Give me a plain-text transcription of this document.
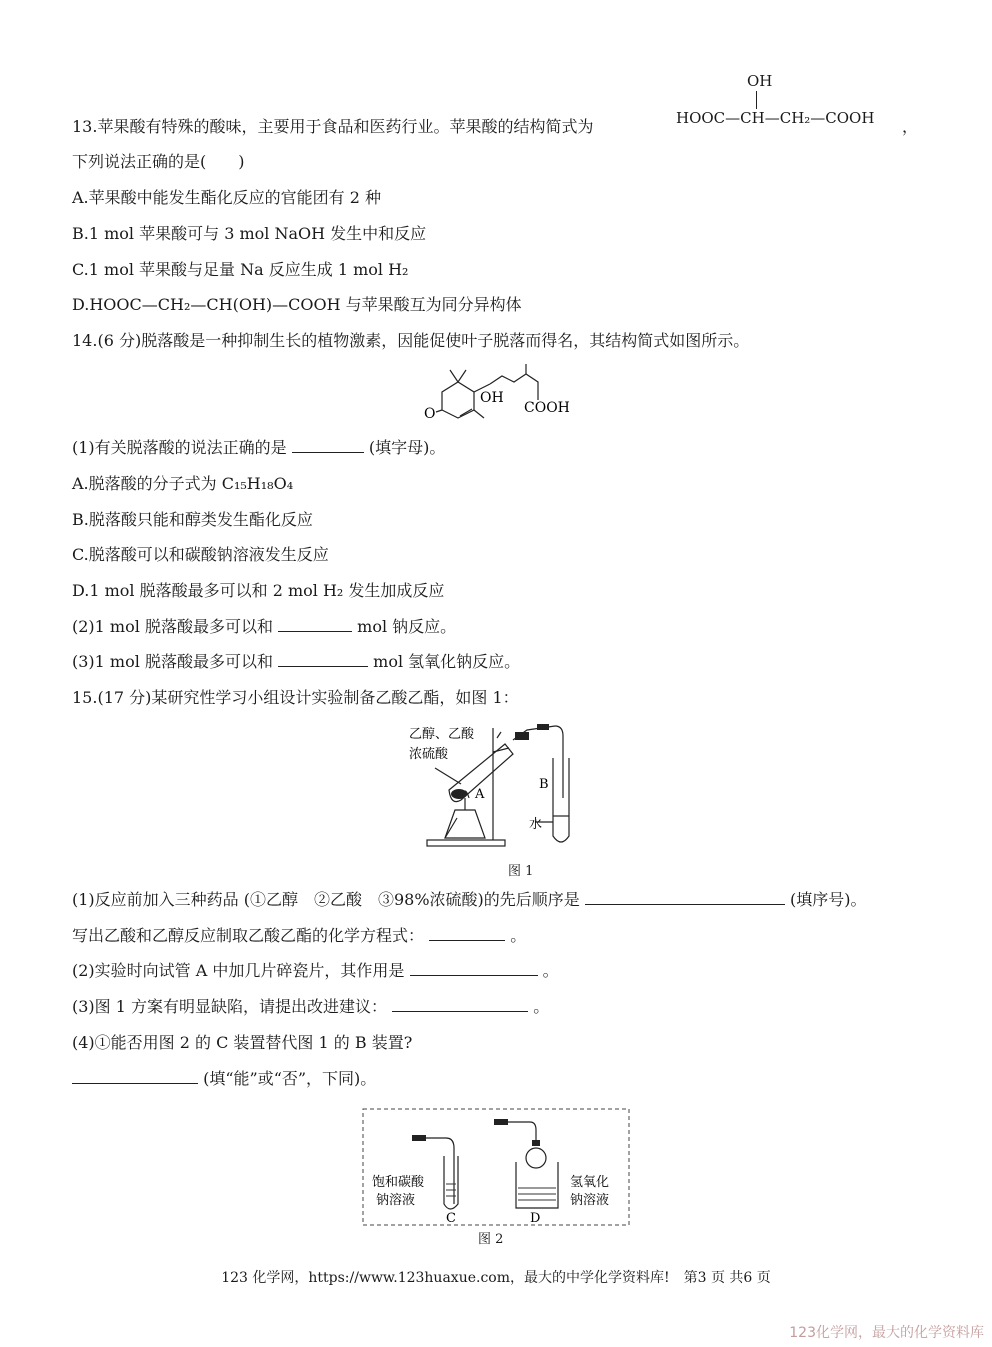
OH
HOOC—CH—CH₂—COOH
13.苹果酸有特殊的酸味，主要用于食品和医药行业。苹果酸的结构简式为	，
下列说法正确的是(　　)
A.苹果酸中能发生酯化反应的官能团有 2 种
B.1 mol 苹果酸可与 3 mol NaOH 发生中和反应
C.1 mol 苹果酸与足量 Na 反应生成 1 mol H₂
D.HOOC—CH₂—CH(OH)—COOH 与苹果酸互为同分异构体
14.(6 分)脱落酸是一种抑制生长的植物激素，因能促使叶子脱落而得名，其结构简式如图所示。
O
OH
COOH
(1)有关脱落酸的说法正确的是	(填字母)。
A.脱落酸的分子式为 C₁₅H₁₈O₄
B.脱落酸只能和醇类发生酯化反应
C.脱落酸可以和碳酸钠溶液发生反应
D.1 mol 脱落酸最多可以和 2 mol H₂ 发生加成反应
(2)1 mol 脱落酸最多可以和	mol 钠反应。
(3)1 mol 脱落酸最多可以和	mol 氢氧化钠反应。
15.(17 分)某研究性学习小组设计实验制备乙酸乙酯，如图 1：
乙醇、乙酸
浓硫酸
A
B
水
图 1
(1)反应前加入三种药品 (①乙醇　②乙酸　③98%浓硫酸)的先后顺序是	(填序号)。
写出乙酸和乙醇反应制取乙酸乙酯的化学方程式：	。
(2)实验时向试管 A 中加几片碎瓷片，其作用是	。
(3)图 1 方案有明显缺陷，请提出改进建议：	。
(4)①能否用图 2 的 C 装置替代图 1 的 B 装置?
(填“能”或“否”，下同)。
饱和碳酸
钠溶液
C
氢氧化
钠溶液
D
图 2
123 化学网，https://www.123huaxue.com，最大的中学化学资料库!　第3 页 共6 页
123化学网，最大的化学资料库
